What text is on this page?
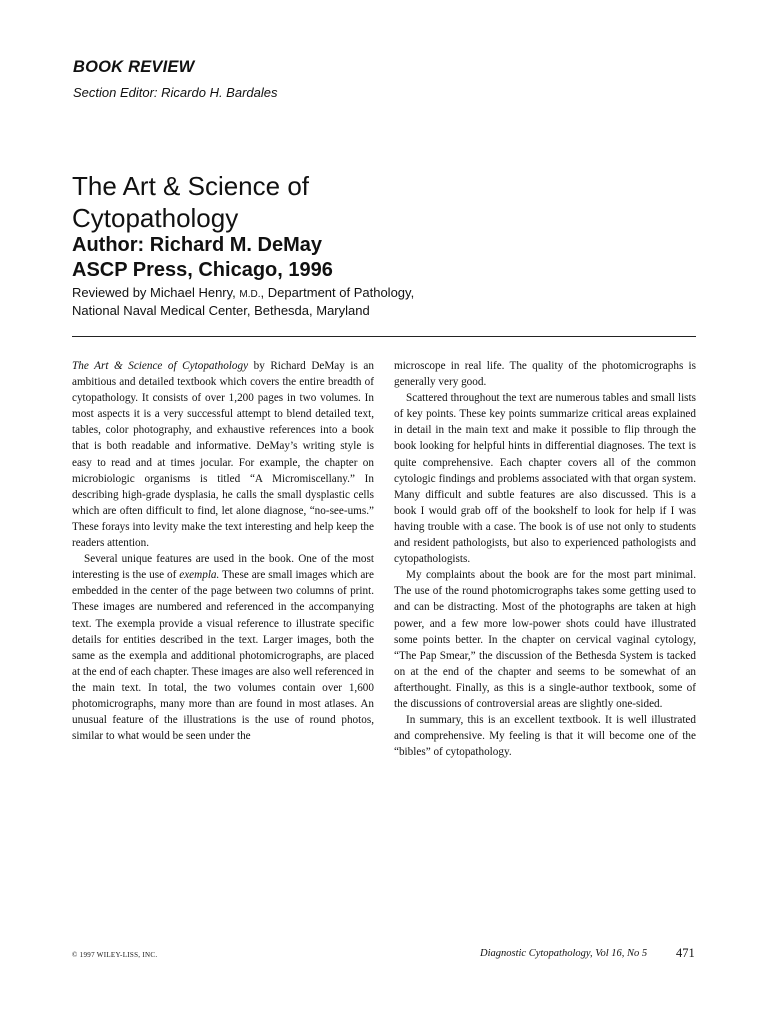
BOOK REVIEW
Section Editor: Ricardo H. Bardales
The Art & Science of
Cytopathology
Author: Richard M. DeMay
ASCP Press, Chicago, 1996
Reviewed by Michael Henry, M.D., Department of Pathology,
National Naval Medical Center, Bethesda, Maryland

The Art & Science of Cytopathology by Richard DeMay is an ambitious and detailed textbook which covers the entire breadth of cytopathology. It consists of over 1,200 pages in two volumes. In most aspects it is a very successful attempt to blend detailed text, tables, color photography, and exhaustive references into a book that is both readable and informative. DeMay’s writing style is easy to read and at times jocular. For example, the chapter on microbiologic organisms is titled “A Micromiscellany.” In describing high-grade dysplasia, he calls the small dysplastic cells which are often difficult to find, let alone diagnose, “no-see-ums.” These forays into levity make the text interesting and help keep the readers attention.

Several unique features are used in the book. One of the most interesting is the use of exempla. These are small images which are embedded in the center of the page between two columns of print. These images are numbered and referenced in the accompanying text. The exempla provide a visual reference to illustrate specific details for entities described in the text. Larger images, both the same as the exempla and additional photomicrographs, are placed at the end of each chapter. These images are also well referenced in the main text. In total, the two volumes contain over 1,600 photomicrographs, many more than are found in most atlases. An unusual feature of the illustrations is the use of round photos, similar to what would be seen under the

microscope in real life. The quality of the photomicrographs is generally very good.

Scattered throughout the text are numerous tables and small lists of key points. These key points summarize critical areas explained in detail in the main text and make it possible to flip through the book looking for helpful hints in differential diagnoses. The text is quite comprehensive. Each chapter covers all of the common cytologic findings and problems associated with that organ system. Many difficult and subtle features are also discussed. This is a book I would grab off of the bookshelf to look for help if I was having trouble with a case. The book is of use not only to students and resident pathologists, but also to experienced pathologists and cytopathologists.

My complaints about the book are for the most part minimal. The use of the round photomicrographs takes some getting used to and can be distracting. Most of the photographs are taken at high power, and a few more low-power shots could have illustrated some points better. In the chapter on cervical vaginal cytology, “The Pap Smear,” the discussion of the Bethesda System is tacked on at the end of the chapter and seems to be somewhat of an afterthought. Finally, as this is a single-author textbook, some of the discussions of controversial areas are slightly one-sided.

In summary, this is an excellent textbook. It is well illustrated and comprehensive. My feeling is that it will become one of the “bibles” of cytopathology.

© 1997 WILEY-LISS, INC.	Diagnostic Cytopathology, Vol 16, No 5 471
